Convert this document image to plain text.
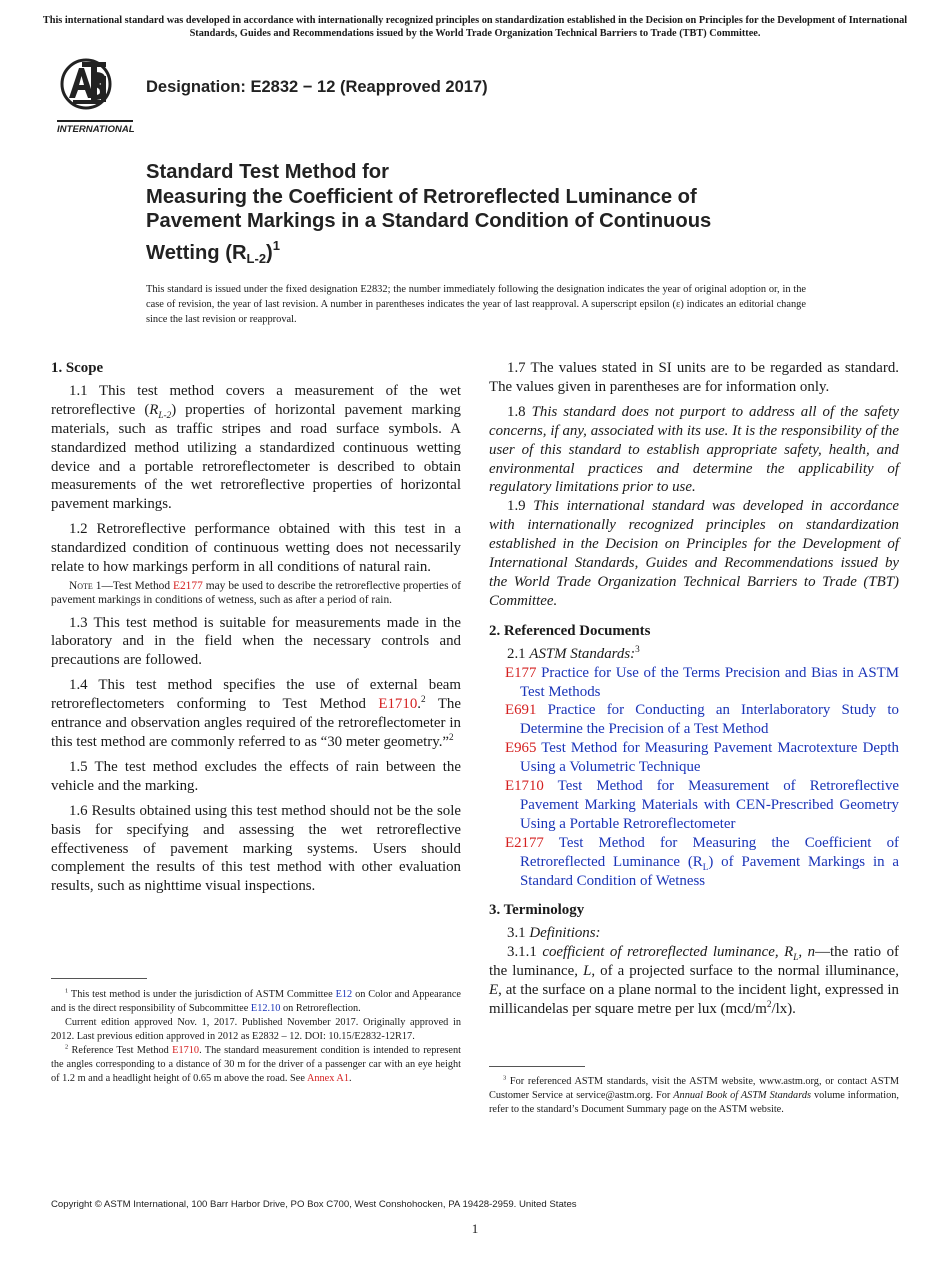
This international standard was developed in accordance with internationally recognized principles on standardization established in the Decision on Principles for the Development of International Standards, Guides and Recommendations issued by the World Trade Organization Technical Barriers to Trade (TBT) Committee.
INTERNATIONAL
Designation: E2832 − 12 (Reapproved 2017)
Standard Test Method for
Measuring the Coefficient of Retroreflected Luminance of
Pavement Markings in a Standard Condition of Continuous
Wetting $(R_{L-2})^1$
This standard is issued under the fixed designation E2832; the number immediately following the designation indicates the year of original adoption or, in the case of revision, the year of last revision. A number in parentheses indicates the year of last reapproval. A superscript epsilon (ε) indicates an editorial change since the last revision or reapproval.
1. Scope

1.1 This test method covers a measurement of the wet retroreflective $(R_{L-2})$ properties of horizontal pavement marking materials, such as traffic stripes and road surface symbols. A standardized method utilizing a standardized continuous wetting device and a portable retroreflectometer is described to obtain measurements of the wet retroreflective properties of horizontal pavement markings.

1.2 Retroreflective performance obtained with this test in a standardized condition of continuous wetting does not necessarily relate to how markings perform in all conditions of natural rain.

Note 1—Test Method E2177 may be used to describe the retroreflective properties of pavement markings in conditions of wetness, such as after a period of rain.

1.3 This test method is suitable for measurements made in the laboratory and in the field when the necessary controls and precautions are followed.

1.4 This test method specifies the use of external beam retroreflectometers conforming to Test Method E1710.$^2$ The entrance and observation angles required of the retroreflectometer in this test method are commonly referred to as “30 meter geometry.”$^2$

1.5 The test method excludes the effects of rain between the vehicle and the marking.

1.6 Results obtained using this test method should not be the sole basis for specifying and assessing the wet retroreflective effectiveness of pavement marking systems. Users should complement the results of this test method with other evaluation results, such as nighttime visual inspections.

$^1$ This test method is under the jurisdiction of ASTM Committee E12 on Color and Appearance and is the direct responsibility of Subcommittee E12.10 on Retroreflection.

Current edition approved Nov. 1, 2017. Published November 2017. Originally approved in 2012. Last previous edition approved in 2012 as E2832 – 12. DOI: 10.15/E2832-12R17.

$^2$ Reference Test Method E1710. The standard measurement condition is intended to represent the angles corresponding to a distance of 30 m for the driver of a passenger car with an eye height of 1.2 m and a headlight height of 0.65 m above the road. See Annex A1.

1.7 The values stated in SI units are to be regarded as standard. The values given in parentheses are for information only.

1.8 This standard does not purport to address all of the safety concerns, if any, associated with its use. It is the responsibility of the user of this standard to establish appropriate safety, health, and environmental practices and determine the applicability of regulatory limitations prior to use.

1.9 This international standard was developed in accordance with internationally recognized principles on standardization established in the Decision on Principles for the Development of International Standards, Guides and Recommendations issued by the World Trade Organization Technical Barriers to Trade (TBT) Committee.

2. Referenced Documents

2.1 ASTM Standards:$^3$

E177 Practice for Use of the Terms Precision and Bias in ASTM Test Methods

E691 Practice for Conducting an Interlaboratory Study to Determine the Precision of a Test Method

E965 Test Method for Measuring Pavement Macrotexture Depth Using a Volumetric Technique

E1710 Test Method for Measurement of Retroreflective Pavement Marking Materials with CEN-Prescribed Geometry Using a Portable Retroreflectometer

E2177 Test Method for Measuring the Coefficient of Retroreflected Luminance $(R_L)$ of Pavement Markings in a Standard Condition of Wetness

3. Terminology

3.1 Definitions:

3.1.1 coefficient of retroreflected luminance, $R_L$, n—the ratio of the luminance, L, of a projected surface to the normal illuminance, E, at the surface on a plane normal to the incident light, expressed in millicandelas per square metre per lux $(mcd/m^2/lx)$.

$^3$ For referenced ASTM standards, visit the ASTM website, www.astm.org, or contact ASTM Customer Service at service@astm.org. For Annual Book of ASTM Standards volume information, refer to the standard’s Document Summary page on the ASTM website.

Copyright © ASTM International, 100 Barr Harbor Drive, PO Box C700, West Conshohocken, PA 19428-2959. United States
1
